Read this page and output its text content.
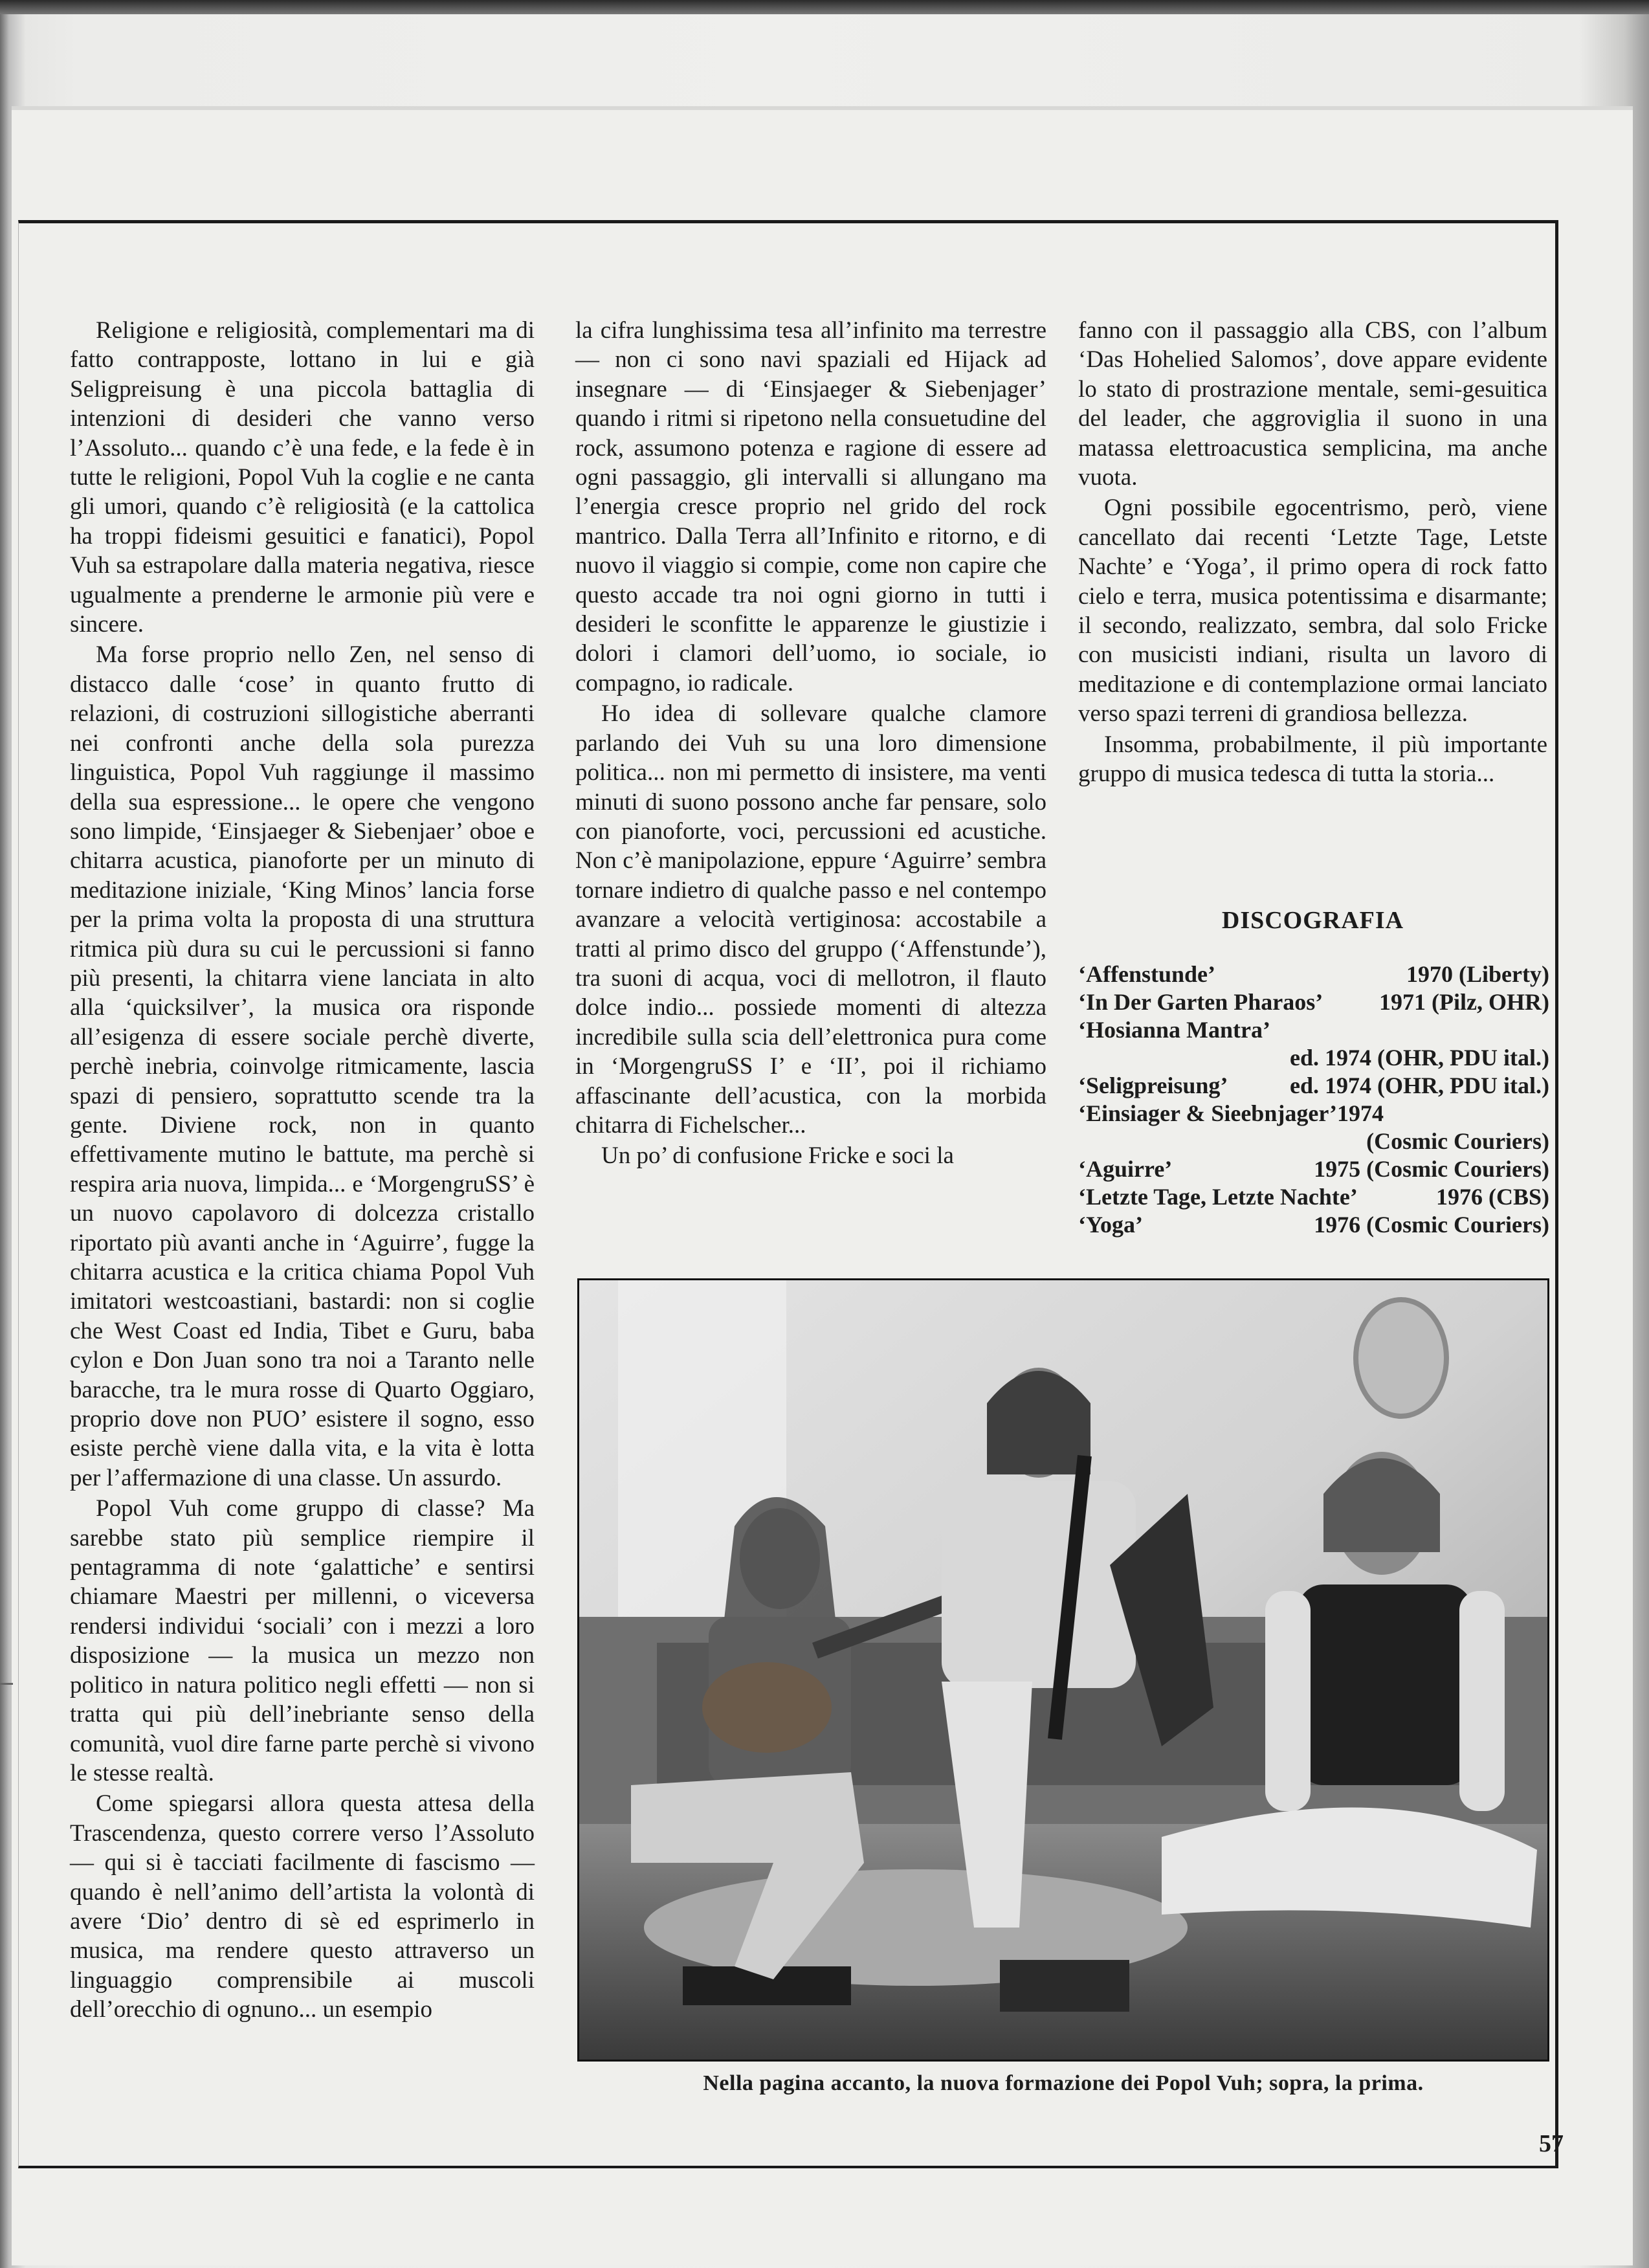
Religione e religiosità, complementari ma di fatto contrapposte, lottano in lui e già Seligpreisung è una piccola battaglia di intenzioni di desideri che vanno verso l’Assoluto... quando c’è una fede, e la fede è in tutte le religioni, Popol Vuh la coglie e ne canta gli umori, quando c’è religiosità (e la cattolica ha troppi fideismi gesuitici e fanatici), Popol Vuh sa estrapolare dalla materia negativa, riesce ugualmente a prenderne le armonie più vere e sincere.

Ma forse proprio nello Zen, nel senso di distacco dalle ‘cose’ in quanto frutto di relazioni, di costruzioni sillogistiche aberranti nei confronti anche della sola purezza linguistica, Popol Vuh raggiunge il massimo della sua espressione... le opere che vengono sono limpide, ‘Einsjaeger & Siebenjaer’ oboe e chitarra acustica, pianoforte per un minuto di meditazione iniziale, ‘King Minos’ lancia forse per la prima volta la proposta di una struttura ritmica più dura su cui le percussioni si fanno più presenti, la chitarra viene lanciata in alto alla ‘quicksilver’, la musica ora risponde all’esigenza di essere sociale perchè diverte, perchè inebria, coinvolge ritmicamente, lascia spazi di pensiero, soprattutto scende tra la gente. Diviene rock, non in quanto effettivamente mutino le battute, ma perchè si respira aria nuova, limpida... e ‘MorgengruSS’ è un nuovo capolavoro di dolcezza cristallo riportato più avanti anche in ‘Aguirre’, fugge la chitarra acustica e la critica chiama Popol Vuh imitatori westcoastiani, bastardi: non si coglie che West Coast ed India, Tibet e Guru, baba cylon e Don Juan sono tra noi a Taranto nelle baracche, tra le mura rosse di Quarto Oggiaro, proprio dove non PUO’ esistere il sogno, esso esiste perchè viene dalla vita, e la vita è lotta per l’affermazione di una classe. Un assurdo.

Popol Vuh come gruppo di classe? Ma sarebbe stato più semplice riempire il pentagramma di note ‘galattiche’ e sentirsi chiamare Maestri per millenni, o viceversa rendersi individui ‘sociali’ con i mezzi a loro disposizione — la musica un mezzo non politico in natura politico negli effetti — non si tratta qui più dell’inebriante senso della comunità, vuol dire farne parte perchè si vivono le stesse realtà.

Come spiegarsi allora questa attesa della Trascendenza, questo correre verso l’Assoluto — qui si è tacciati facilmente di fascismo — quando è nell’animo dell’artista la volontà di avere ‘Dio’ dentro di sè ed esprimerlo in musica, ma rendere questo attraverso un linguaggio comprensibile ai muscoli dell’orecchio di ognuno... un esempio

la cifra lunghissima tesa all’infinito ma terrestre — non ci sono navi spaziali ed Hijack ad insegnare — di ‘Einsjaeger & Siebenjager’ quando i ritmi si ripetono nella consuetudine del rock, assumono potenza e ragione di essere ad ogni passaggio, gli intervalli si allungano ma l’energia cresce proprio nel grido del rock mantrico. Dalla Terra all’Infinito e ritorno, e di nuovo il viaggio si compie, come non capire che questo accade tra noi ogni giorno in tutti i desideri le sconfitte le apparenze le giustizie i dolori i clamori dell’uomo, io sociale, io compagno, io radicale.

Ho idea di sollevare qualche clamore parlando dei Vuh su una loro dimensione politica... non mi permetto di insistere, ma venti minuti di suono possono anche far pensare, solo con pianoforte, voci, percussioni ed acustiche. Non c’è manipolazione, eppure ‘Aguirre’ sembra tornare indietro di qualche passo e nel contempo avanzare a velocità vertiginosa: accostabile a tratti al primo disco del gruppo (‘Affenstunde’), tra suoni di acqua, voci di mellotron, il flauto dolce indio... possiede momenti di altezza incredibile sulla scia dell’elettronica pura come in ‘MorgengruSS I’ e ‘II’, poi il richiamo affascinante dell’acustica, con la morbida chitarra di Fichelscher...

Un po’ di confusione Fricke e soci la

fanno con il passaggio alla CBS, con l’album ‘Das Hohelied Salomos’, dove appare evidente lo stato di prostrazione mentale, semi-gesuitica del leader, che aggroviglia il suono in una matassa elettroacustica semplicina, ma anche vuota.

Ogni possibile egocentrismo, però, viene cancellato dai recenti ‘Letzte Tage, Letste Nachte’ e ‘Yoga’, il primo opera di rock fatto cielo e terra, musica potentissima e disarmante; il secondo, realizzato, sembra, dal solo Fricke con musicisti indiani, risulta un lavoro di meditazione e di contemplazione ormai lanciato verso spazi terreni di grandiosa bellezza.

Insomma, probabilmente, il più importante gruppo di musica tedesca di tutta la storia...

DISCOGRAFIA
‘Affenstunde’	1970 (Liberty)
‘In Der Garten Pharaos’ 1971 (Pilz, OHR)
‘Hosianna Mantra’
ed. 1974 (OHR, PDU ital.)
‘Seligpreisung’	ed. 1974 (OHR, PDU ital.)
‘Einsiager & Sieebnjager’1974
(Cosmic Couriers)
‘Aguirre’	1975 (Cosmic Couriers)
‘Letzte Tage, Letzte Nachte’	1976 (CBS)
‘Yoga’	1976 (Cosmic Couriers)
Nella pagina accanto, la nuova formazione dei Popol Vuh; sopra, la prima.
57
